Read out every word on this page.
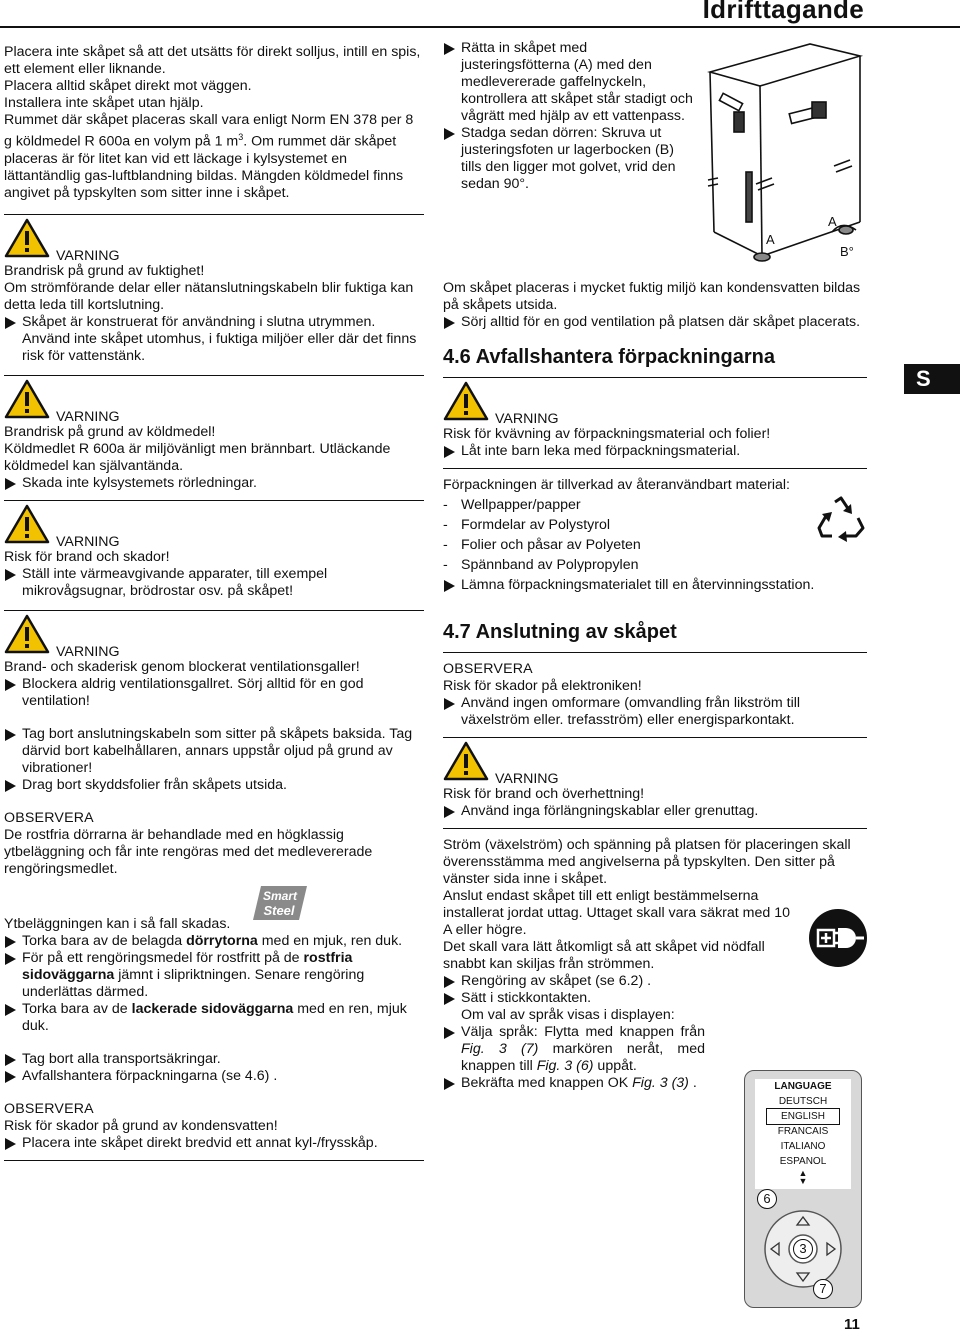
Idrifttagande
S

Placera inte skåpet så att det utsätts för direkt solljus, intill en spis, ett element eller liknande.

Placera alltid skåpet direkt mot väggen.

Installera inte skåpet utan hjälp.

Rummet där skåpet placeras skall vara enligt Norm EN 378 per 8 g köldmedel R 600a en volym på 1 $m^3$. Om rummet där skåpet placeras är för litet kan vid ett läckage i kylsystemet en lättantändlig gas-luftblandning bildas. Mängden köldmedel finns angivet på typskylten som sitter inne i skåpet.

VARNING

Brandrisk på grund av fuktighet!

Om strömförande delar eller nätanslutningskabeln blir fuktiga kan detta leda till kortslutning.

Skåpet är konstruerat för användning i slutna utrymmen. Använd inte skåpet utomhus, i fuktiga miljöer eller där det finns risk för vattenstänk.

VARNING

Brandrisk på grund av köldmedel!

Köldmedlet R 600a är miljövänligt men brännbart. Utläckande köldmedel kan självantända.

Skada inte kylsystemets rörledningar.

VARNING

Risk för brand och skador!

Ställ inte värmeavgivande apparater, till exempel mikrovågsugnar, brödrostar osv. på skåpet!

VARNING

Brand- och skaderisk genom blockerat ventilationsgaller!

Blockera aldrig ventilationsgallret. Sörj alltid för en god ventilation!

Tag bort anslutningskabeln som sitter på skåpets baksida. Tag därvid bort kabelhållaren, annars uppstår oljud på grund av vibrationer!

Drag bort skyddsfolier från skåpets utsida.

OBSERVERA

De rostfria dörrarna är behandlade med en högklassig ytbeläggning och får inte rengöras med det medlevererade rengöringsmedlet.

Smart
Steel

Ytbeläggningen kan i så fall skadas.

Torka bara av de belagda dörrytorna med en mjuk, ren duk.

För på ett rengöringsmedel för rostfritt på de rostfria sidoväggarna jämnt i slipriktningen. Senare rengöring underlättas därmed.

Torka bara av de lackerade sidoväggarna med en ren, mjuk duk.

Tag bort alla transportsäkringar.

Avfallshantera förpackningarna (se 4.6) .

OBSERVERA

Risk för skador på grund av kondensvatten!

Placera inte skåpet direkt bredvid ett annat kyl-/frysskåp.

Rätta in skåpet med justeringsfötterna (A) med den medlevererade gaffelnyckeln, kontrollera att skåpet står stadigt och vågrätt med hjälp av ett vattenpass.

Stadga sedan dörren: Skruva ut justeringsfoten ur lagerbocken (B) tills den ligger mot golvet, vrid den sedan 90°.

A
A
B°

Om skåpet placeras i mycket fuktig miljö kan kondensvatten bildas på skåpets utsida.

Sörj alltid för en god ventilation på platsen där skåpet placerats.

4.6 Avfallshantera förpackningarna
VARNING

Risk för kvävning av förpackningsmaterial och folier!

Låt inte barn leka med förpackningsmaterial.

Förpackningen är tillverkad av återanvändbart material:

- Wellpapper/papper

- Formdelar av Polystyrol

- Folier och påsar av Polyeten

- Spännband av Polypropylen

Lämna förpackningsmaterialet till en återvinningsstation.

4.7 Anslutning av skåpet

OBSERVERA

Risk för skador på elektroniken!

Använd ingen omformare (omvandling från likström till växelström eller. trefasström) eller energisparkontakt.

VARNING

Risk för brand och överhettning!

Använd inga förlängningskablar eller grenuttag.

Ström (växelström) och spänning på platsen för placeringen skall överensstämma med angivelserna på typskylten. Den sitter på vänster sida inne i skåpet.

Anslut endast skåpet till ett enligt bestämmelserna installerat jordat uttag. Uttaget skall vara säkrat med 10 A eller högre.

Det skall vara lätt åtkomligt så att skåpet vid nödfall snabbt kan skiljas från strömmen.

Rengöring av skåpet (se 6.2) .

Sätt i stickkontakten.

Om val av språk visas i displayen:

Välja språk: Flytta med knappen från Fig. 3 (7) markören neråt, med knappen till Fig. 3 (6) uppåt.

Bekräfta med knappen OK Fig. 3 (3) .	LANGUAGE
DEUTSCH
ENGLISH
FRANCAIS
ITALIANO
ESPANOL
▲
▼
6
3
7
11
